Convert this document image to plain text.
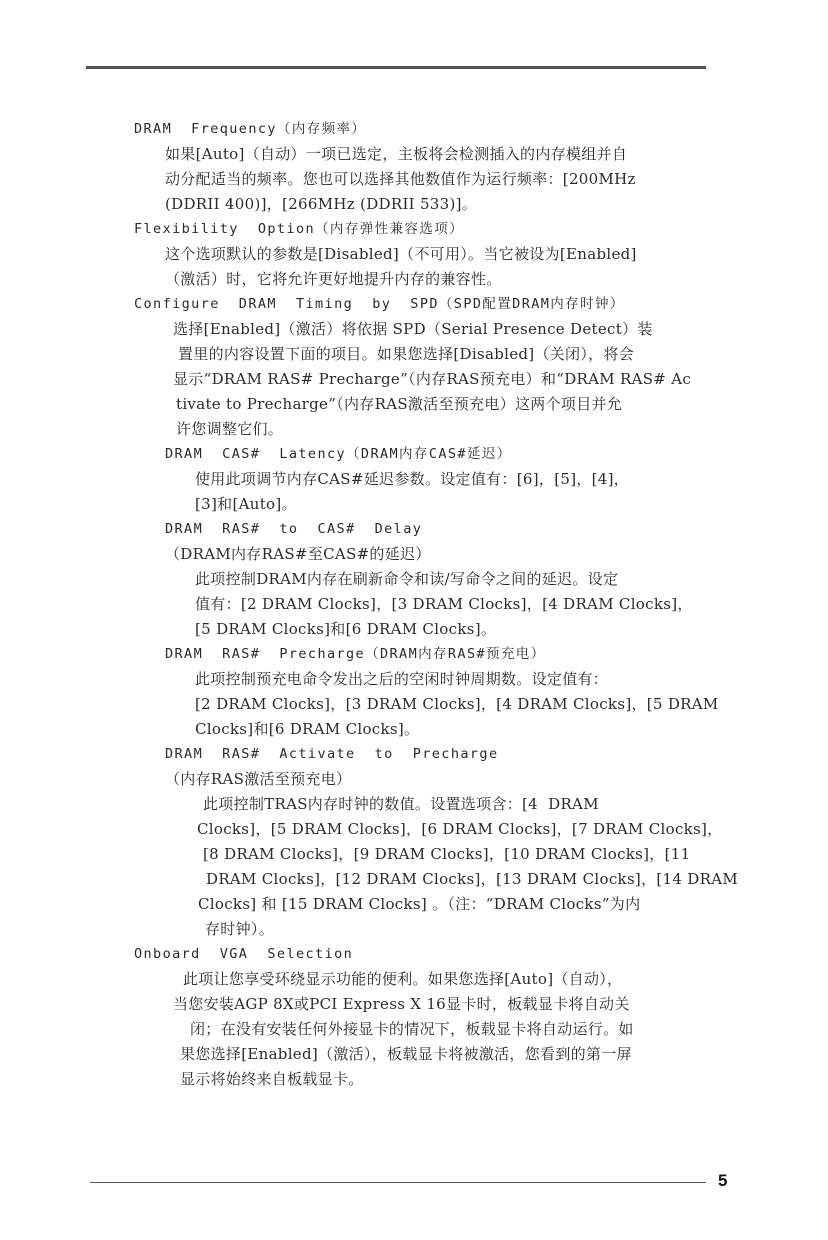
DRAM  Frequency（内存频率）
如果[Auto]（自动）一项已选定，主板将会检测插入的内存模组并自
动分配适当的频率。您也可以选择其他数值作为运行频率：[200MHz
(DDRII 400)]，[266MHz (DDRII 533)]。
Flexibility  Option（内存弹性兼容选项）
这个选项默认的参数是[Disabled]（不可用）。当它被设为[Enabled]
（激活）时，它将允许更好地提升内存的兼容性。
Configure  DRAM  Timing  by  SPD（SPD配置DRAM内存时钟）
选择[Enabled]（激活）将依据 SPD（Serial Presence Detect）装
置里的内容设置下面的项目。如果您选择[Disabled]（关闭），将会
显示“DRAM RAS# Precharge”（内存RAS预充电）和“DRAM RAS# Ac
tivate to Precharge”（内存RAS激活至预充电）这两个项目并允
许您调整它们。
DRAM  CAS#  Latency（DRAM内存CAS#延迟）
使用此项调节内存CAS#延迟参数。设定值有：[6]，[5]，[4]，
[3]和[Auto]。
DRAM  RAS#  to  CAS#  Delay
（DRAM内存RAS#至CAS#的延迟）
此项控制DRAM内存在刷新命令和读/写命令之间的延迟。设定
值有：[2 DRAM Clocks]，[3 DRAM Clocks]，[4 DRAM Clocks]，
[5 DRAM Clocks]和[6 DRAM Clocks]。
DRAM  RAS#  Precharge（DRAM内存RAS#预充电）
此项控制预充电命令发出之后的空闲时钟周期数。设定值有：
[2 DRAM Clocks]，[3 DRAM Clocks]，[4 DRAM Clocks]，[5 DRAM
Clocks]和[6 DRAM Clocks]。
DRAM  RAS#  Activate  to  Precharge
（内存RAS激活至预充电）
此项控制TRAS内存时钟的数值。设置选项含：[4  DRAM
Clocks]，[5 DRAM Clocks]，[6 DRAM Clocks]，[7 DRAM Clocks]，
[8 DRAM Clocks]，[9 DRAM Clocks]，[10 DRAM Clocks]，[11
DRAM Clocks]，[12 DRAM Clocks]，[13 DRAM Clocks]，[14 DRAM
Clocks] 和 [15 DRAM Clocks] 。（注：“DRAM Clocks”为内
存时钟）。
Onboard  VGA  Selection
此项让您享受环绕显示功能的便利。如果您选择[Auto]（自动），
当您安装AGP 8X或PCI Express X 16显卡时，板载显卡将自动关
闭；在没有安装任何外接显卡的情况下，板载显卡将自动运行。如
果您选择[Enabled]（激活），板载显卡将被激活，您看到的第一屏
显示将始终来自板载显卡。
5
